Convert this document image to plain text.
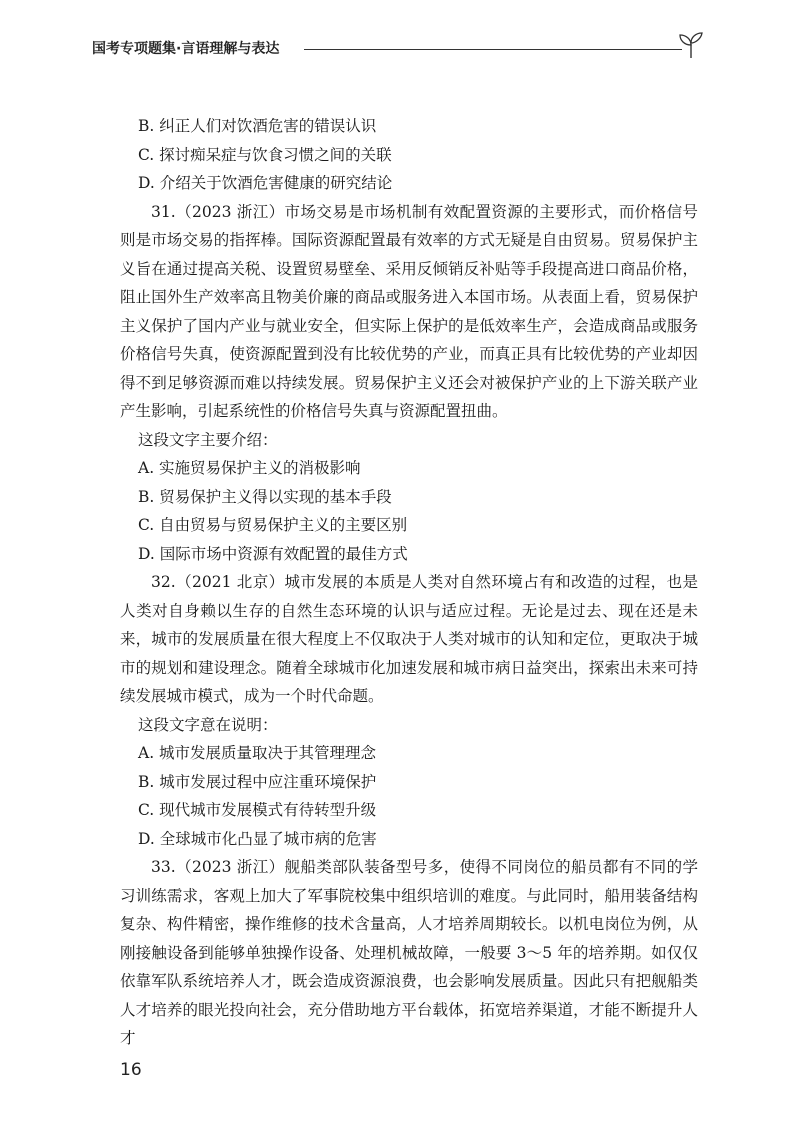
国考专项题集·言语理解与表达

B. 纠正人们对饮酒危害的错误认识

C. 探讨痴呆症与饮食习惯之间的关联

D. 介绍关于饮酒危害健康的研究结论

31.（2023 浙江）市场交易是市场机制有效配置资源的主要形式，而价格信号则是市场交易的指挥棒。国际资源配置最有效率的方式无疑是自由贸易。贸易保护主义旨在通过提高关税、设置贸易壁垒、采用反倾销反补贴等手段提高进口商品价格，阻止国外生产效率高且物美价廉的商品或服务进入本国市场。从表面上看，贸易保护主义保护了国内产业与就业安全，但实际上保护的是低效率生产，会造成商品或服务价格信号失真，使资源配置到没有比较优势的产业，而真正具有比较优势的产业却因得不到足够资源而难以持续发展。贸易保护主义还会对被保护产业的上下游关联产业产生影响，引起系统性的价格信号失真与资源配置扭曲。

这段文字主要介绍：

A. 实施贸易保护主义的消极影响

B. 贸易保护主义得以实现的基本手段

C. 自由贸易与贸易保护主义的主要区别

D. 国际市场中资源有效配置的最佳方式

32.（2021 北京）城市发展的本质是人类对自然环境占有和改造的过程，也是人类对自身赖以生存的自然生态环境的认识与适应过程。无论是过去、现在还是未来，城市的发展质量在很大程度上不仅取决于人类对城市的认知和定位，更取决于城市的规划和建设理念。随着全球城市化加速发展和城市病日益突出，探索出未来可持续发展城市模式，成为一个时代命题。

这段文字意在说明：

A. 城市发展质量取决于其管理理念

B. 城市发展过程中应注重环境保护

C. 现代城市发展模式有待转型升级

D. 全球城市化凸显了城市病的危害

33.（2023 浙江）舰船类部队装备型号多，使得不同岗位的船员都有不同的学习训练需求，客观上加大了军事院校集中组织培训的难度。与此同时，船用装备结构复杂、构件精密，操作维修的技术含量高，人才培养周期较长。以机电岗位为例，从刚接触设备到能够单独操作设备、处理机械故障，一般要 3～5 年的培养期。如仅仅依靠军队系统培养人才，既会造成资源浪费，也会影响发展质量。因此只有把舰船类人才培养的眼光投向社会，充分借助地方平台载体，拓宽培养渠道，才能不断提升人才

16
